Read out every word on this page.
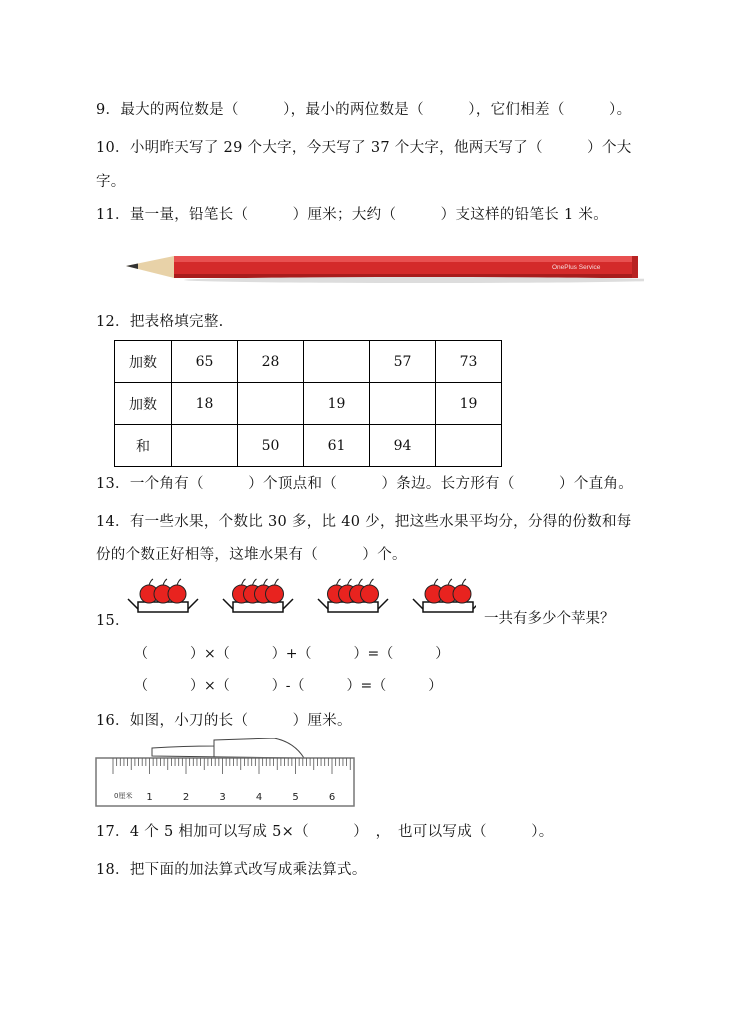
9．最大的两位数是（　　　），最小的两位数是（　　　），它们相差（　　　）。
10．小明昨天写了 29 个大字，今天写了 37 个大字，他两天写了（　　　）个大
字。
11．量一量，铅笔长（　　　）厘米；大约（　　　）支这样的铅笔长 1 米。
OnePlus Service
12．把表格填完整.
加数	65	28		57	73
加数	18		19		19
和		50	61	94	
13．一个角有（　　　）个顶点和（　　　）条边。长方形有（　　　）个直角。
14．有一些水果，个数比 30 多，比 40 少，把这些水果平均分，分得的份数和每
份的个数正好相等，这堆水果有（　　　）个。
15．	一共有多少个苹果？
（　　　）×（　　　）+（　　　）=（　　　）
（　　　）×（　　　）-（　　　）=（　　　）
16．如图，小刀的长（　　　）厘米。
1	2	3	4	5	6
0厘米
17．4 个 5 相加可以写成 5×（　　　）　，　也可以写成（　　　）。
18．把下面的加法算式改写成乘法算式。
